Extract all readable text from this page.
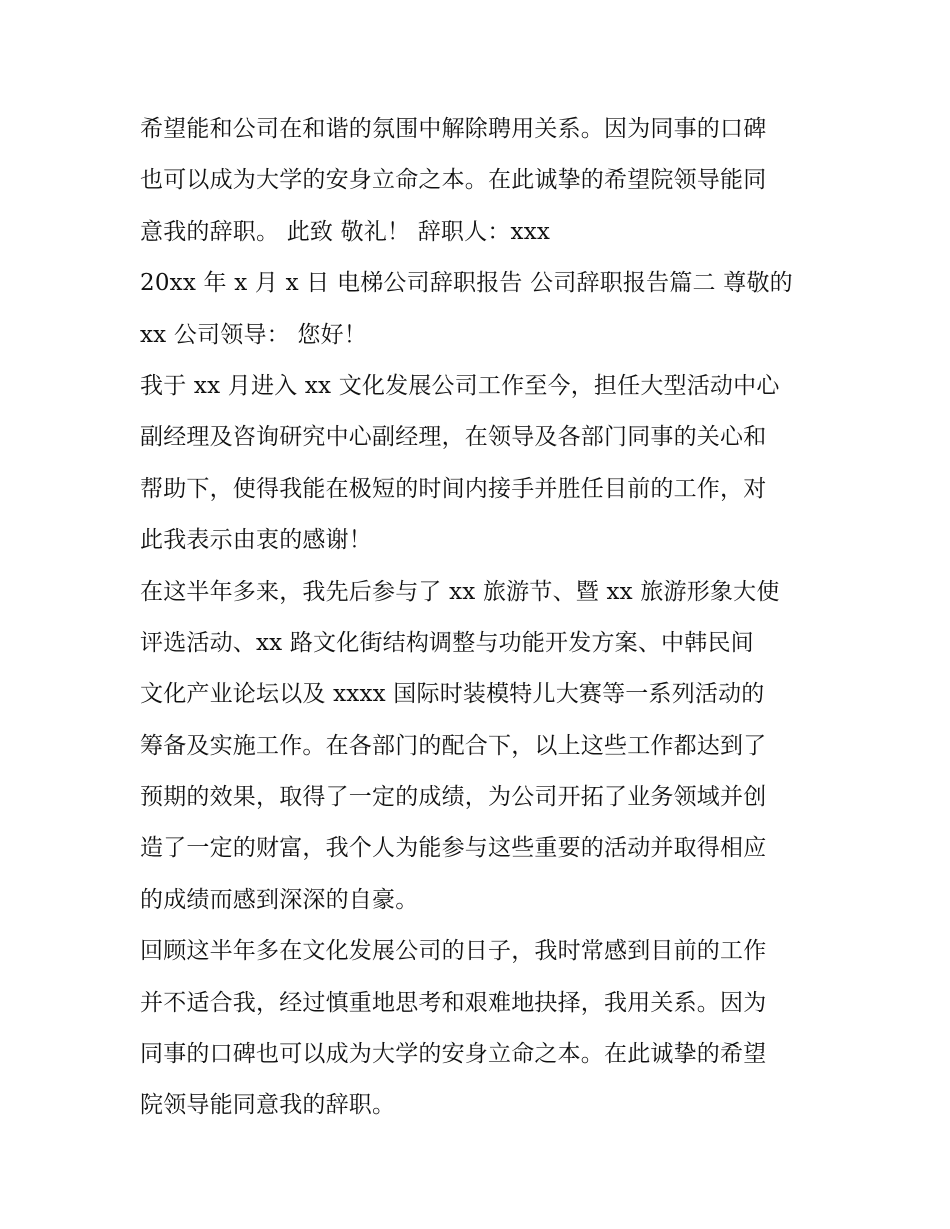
希望能和公司在和谐的氛围中解除聘用关系。因为同事的口碑
也可以成为大学的安身立命之本。在此诚挚的希望院领导能同
意我的辞职。 此致 敬礼！ 辞职人：xxx
20xx 年 x 月 x 日 电梯公司辞职报告 公司辞职报告篇二 尊敬的
xx 公司领导： 您好！
我于 xx 月进入 xx 文化发展公司工作至今，担任大型活动中心
副经理及咨询研究中心副经理，在领导及各部门同事的关心和
帮助下，使得我能在极短的时间内接手并胜任目前的工作，对
此我表示由衷的感谢！
在这半年多来，我先后参与了 xx 旅游节、暨 xx 旅游形象大使
评选活动、xx 路文化街结构调整与功能开发方案、中韩民间
文化产业论坛以及 xxxx 国际时装模特儿大赛等一系列活动的
筹备及实施工作。在各部门的配合下，以上这些工作都达到了
预期的效果，取得了一定的成绩，为公司开拓了业务领域并创
造了一定的财富，我个人为能参与这些重要的活动并取得相应
的成绩而感到深深的自豪。
回顾这半年多在文化发展公司的日子，我时常感到目前的工作
并不适合我，经过慎重地思考和艰难地抉择，我用关系。因为
同事的口碑也可以成为大学的安身立命之本。在此诚挚的希望
院领导能同意我的辞职。
